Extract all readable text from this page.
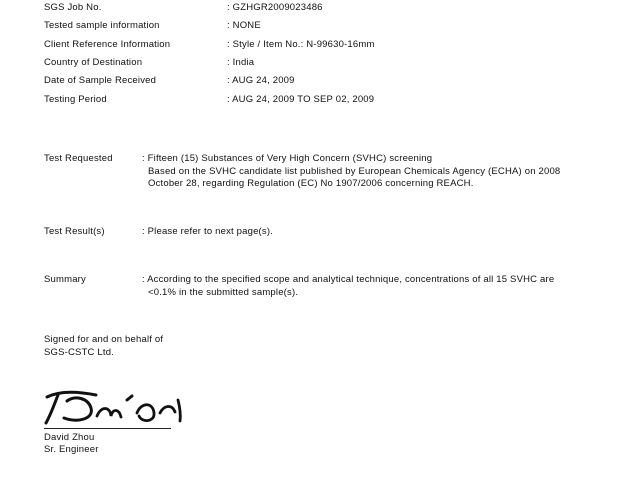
SGS Job No.	: GZHGR2009023486
Tested sample information	: NONE
Client Reference Information	: Style / Item No.: N-99630-16mm
Country of Destination	: India
Date of Sample Received	: AUG 24, 2009
Testing Period	: AUG 24, 2009 TO SEP 02, 2009
Test Requested	: Fifteen (15) Substances of Very High Concern (SVHC) screening
Based on the SVHC candidate list published by European Chemicals Agency (ECHA) on 2008
October 28, regarding Regulation (EC) No 1907/2006 concerning REACH.
Test Result(s)	: Please refer to next page(s).
Summary	: According to the specified scope and analytical technique, concentrations of all 15 SVHC are
<0.1% in the submitted sample(s).
Signed for and on behalf of
SGS-CSTC Ltd.
David Zhou
Sr. Engineer
